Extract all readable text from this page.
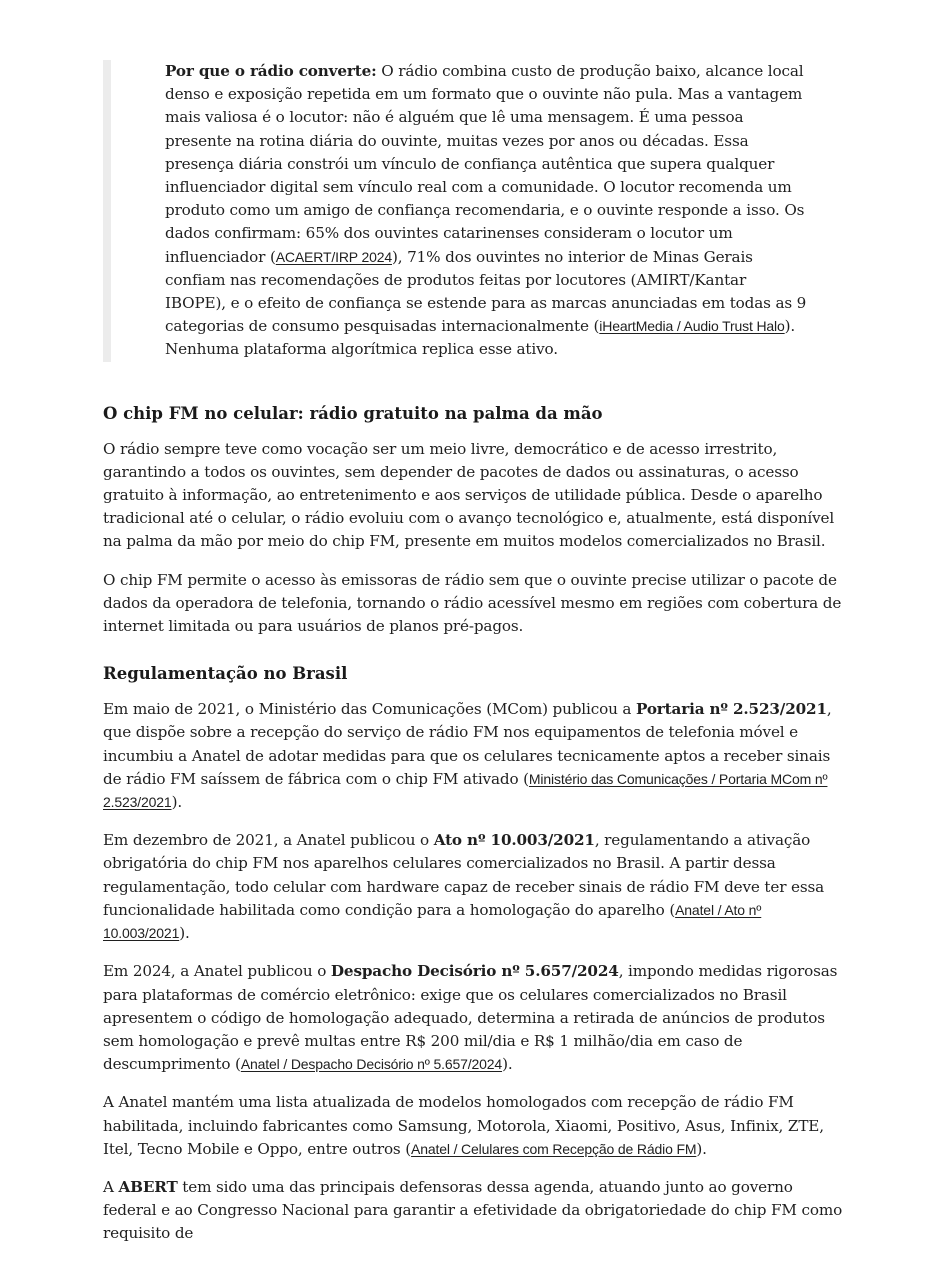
Por que o rádio converte: O rádio combina custo de produção baixo, alcance local denso e exposição repetida em um formato que o ouvinte não pula. Mas a vantagem mais valiosa é o locutor: não é alguém que lê uma mensagem. É uma pessoa presente na rotina diária do ouvinte, muitas vezes por anos ou décadas. Essa presença diária constrói um vínculo de confiança autêntica que supera qualquer influenciador digital sem vínculo real com a comunidade. O locutor recomenda um produto como um amigo de confiança recomendaria, e o ouvinte responde a isso. Os dados confirmam: 65% dos ouvintes catarinenses consideram o locutor um influenciador (ACAERT/IRP 2024), 71% dos ouvintes no interior de Minas Gerais confiam nas recomendações de produtos feitas por locutores (AMIRT/Kantar IBOPE), e o efeito de confiança se estende para as marcas anunciadas em todas as 9 categorias de consumo pesquisadas internacionalmente (iHeartMedia / Audio Trust Halo). Nenhuma plataforma algorítmica replica esse ativo.

O chip FM no celular: rádio gratuito na palma da mão

O rádio sempre teve como vocação ser um meio livre, democrático e de acesso irrestrito, garantindo a todos os ouvintes, sem depender de pacotes de dados ou assinaturas, o acesso gratuito à informação, ao entretenimento e aos serviços de utilidade pública. Desde o aparelho tradicional até o celular, o rádio evoluiu com o avanço tecnológico e, atualmente, está disponível na palma da mão por meio do chip FM, presente em muitos modelos comercializados no Brasil.

O chip FM permite o acesso às emissoras de rádio sem que o ouvinte precise utilizar o pacote de dados da operadora de telefonia, tornando o rádio acessível mesmo em regiões com cobertura de internet limitada ou para usuários de planos pré-pagos.

Regulamentação no Brasil

Em maio de 2021, o Ministério das Comunicações (MCom) publicou a Portaria nº 2.523/2021, que dispõe sobre a recepção do serviço de rádio FM nos equipamentos de telefonia móvel e incumbiu a Anatel de adotar medidas para que os celulares tecnicamente aptos a receber sinais de rádio FM saíssem de fábrica com o chip FM ativado (Ministério das Comunicações / Portaria MCom nº 2.523/2021).

Em dezembro de 2021, a Anatel publicou o Ato nº 10.003/2021, regulamentando a ativação obrigatória do chip FM nos aparelhos celulares comercializados no Brasil. A partir dessa regulamentação, todo celular com hardware capaz de receber sinais de rádio FM deve ter essa funcionalidade habilitada como condição para a homologação do aparelho (Anatel / Ato nº 10.003/2021).

Em 2024, a Anatel publicou o Despacho Decisório nº 5.657/2024, impondo medidas rigorosas para plataformas de comércio eletrônico: exige que os celulares comercializados no Brasil apresentem o código de homologação adequado, determina a retirada de anúncios de produtos sem homologação e prevê multas entre R$ 200 mil/dia e R$ 1 milhão/dia em caso de descumprimento (Anatel / Despacho Decisório nº 5.657/2024).

A Anatel mantém uma lista atualizada de modelos homologados com recepção de rádio FM habilitada, incluindo fabricantes como Samsung, Motorola, Xiaomi, Positivo, Asus, Infinix, ZTE, Itel, Tecno Mobile e Oppo, entre outros (Anatel / Celulares com Recepção de Rádio FM).

A ABERT tem sido uma das principais defensoras dessa agenda, atuando junto ao governo federal e ao Congresso Nacional para garantir a efetividade da obrigatoriedade do chip FM como requisito de
